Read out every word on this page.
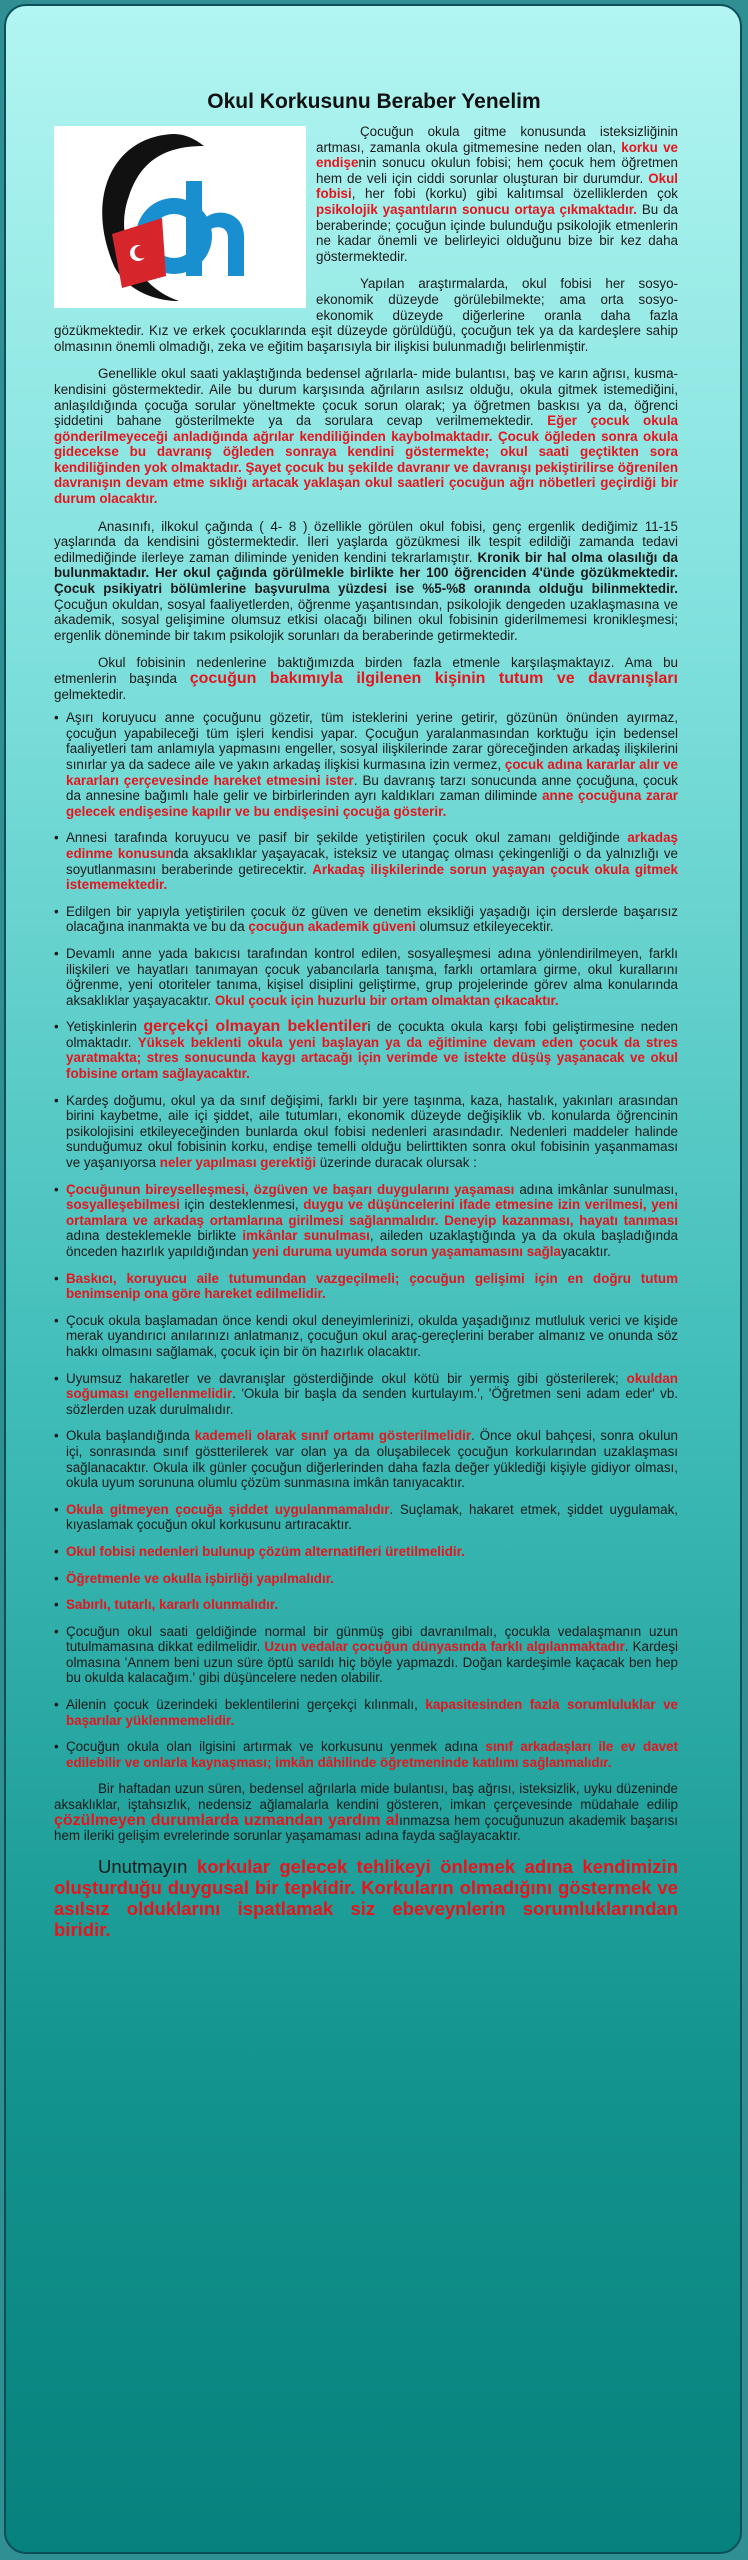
Okul Korkusunu Beraber Yenelim

Çocuğun okula gitme konusunda isteksizliğinin artması, zamanla okula gitmemesine neden olan, korku ve endişenin sonucu okulun fobisi; hem çocuk hem öğretmen hem de veli için ciddi sorunlar oluşturan bir durumdur. Okul fobisi, her fobi (korku) gibi kalıtımsal özelliklerden çok psikolojik yaşantıların sonucu ortaya çıkmaktadır. Bu da beraberinde; çocuğun içinde bulunduğu psikolojik etmenlerin ne kadar önemli ve belirleyici olduğunu bize bir kez daha göstermektedir.

Yapılan araştırmalarda, okul fobisi her sosyo-ekonomik düzeyde görülebilmekte; ama orta sosyo-ekonomik düzeyde diğerlerine oranla daha fazla gözükmektedir. Kız ve erkek çocuklarında eşit düzeyde görüldüğü, çocuğun tek ya da kardeşlere sahip olmasının önemli olmadığı, zeka ve eğitim başarısıyla bir ilişkisi bulunmadığı belirlenmiştir.

Genellikle okul saati yaklaştığında bedensel ağrılarla- mide bulantısı, baş ve karın ağrısı, kusma- kendisini göstermektedir. Aile bu durum karşısında ağrıların asılsız olduğu, okula gitmek istemediğini, anlaşıldığında çocuğa sorular yöneltmekte çocuk sorun olarak; ya öğretmen baskısı ya da, öğrenci şiddetini bahane gösterilmekte ya da sorulara cevap verilmemektedir. Eğer çocuk okula gönderilmeyeceği anladığında ağrılar kendiliğinden kaybolmaktadır. Çocuk öğleden sonra okula gidecekse bu davranış öğleden sonraya kendini göstermekte; okul saati geçtikten sora kendiliğinden yok olmaktadır. Şayet çocuk bu şekilde davranır ve davranışı pekiştirilirse öğrenilen davranışın devam etme sıklığı artacak yaklaşan okul saatleri çocuğun ağrı nöbetleri geçirdiği bir durum olacaktır.

Anasınıfı, ilkokul çağında ( 4- 8 ) özellikle görülen okul fobisi, genç ergenlik dediğimiz 11-15 yaşlarında da kendisini göstermektedir. İleri yaşlarda gözükmesi ilk tespit edildiği zamanda tedavi edilmediğinde ilerleye zaman diliminde yeniden kendini tekrarlamıştır. Kronik bir hal olma olasılığı da bulunmaktadır. Her okul çağında görülmekle birlikte her 100 öğrenciden 4'ünde gözükmektedir. Çocuk psikiyatri bölümlerine başvurulma yüzdesi ise %5-%8 oranında olduğu bilinmektedir. Çocuğun okuldan, sosyal faaliyetlerden, öğrenme yaşantısından, psikolojik dengeden uzaklaşmasına ve akademik, sosyal gelişimine olumsuz etkisi olacağı bilinen okul fobisinin giderilmemesi kronikleşmesi; ergenlik döneminde bir takım psikolojik sorunları da beraberinde getirmektedir.

Okul fobisinin nedenlerine baktığımızda birden fazla etmenle karşılaşmaktayız. Ama bu etmenlerin başında çocuğun bakımıyla ilgilenen kişinin tutum ve davranışları gelmektedir.

• Aşırı koruyucu anne çocuğunu gözetir, tüm isteklerini yerine getirir, gözünün önünden ayırmaz, çocuğun yapabileceği tüm işleri kendisi yapar. Çocuğun yaralanmasından korktuğu için bedensel faaliyetleri tam anlamıyla yapmasını engeller, sosyal ilişkilerinde zarar göreceğinden arkadaş ilişkilerini sınırlar ya da sadece aile ve yakın arkadaş ilişkisi kurmasına izin vermez, çocuk adına kararlar alır ve kararları çerçevesinde hareket etmesini ister. Bu davranış tarzı sonucunda anne çocuğuna, çocuk da annesine bağımlı hale gelir ve birbirlerinden ayrı kaldıkları zaman diliminde anne çocuğuna zarar gelecek endişesine kapılır ve bu endişesini çocuğa gösterir.
• Annesi tarafında koruyucu ve pasif bir şekilde yetiştirilen çocuk okul zamanı geldiğinde arkadaş edinme konusunda aksaklıklar yaşayacak, isteksiz ve utangaç olması çekingenliği o da yalnızlığı ve soyutlanmasını beraberinde getirecektir. Arkadaş ilişkilerinde sorun yaşayan çocuk okula gitmek istememektedir.
• Edilgen bir yapıyla yetiştirilen çocuk öz güven ve denetim eksikliği yaşadığı için derslerde başarısız olacağına inanmakta ve bu da çocuğun akademik güveni olumsuz etkileyecektir.
• Devamlı anne yada bakıcısı tarafından kontrol edilen, sosyalleşmesi adına yönlendirilmeyen, farklı ilişkileri ve hayatları tanımayan çocuk yabancılarla tanışma, farklı ortamlara girme, okul kurallarını öğrenme, yeni otoriteler tanıma, kişisel disiplini geliştirme, grup projelerinde görev alma konularında aksaklıklar yaşayacaktır. Okul çocuk için huzurlu bir ortam olmaktan çıkacaktır.
• Yetişkinlerin gerçekçi olmayan beklentileri de çocukta okula karşı fobi geliştirmesine neden olmaktadır. Yüksek beklenti okula yeni başlayan ya da eğitimine devam eden çocuk da stres yaratmakta; stres sonucunda kaygı artacağı için verimde ve istekte düşüş yaşanacak ve okul fobisine ortam sağlayacaktır.
• Kardeş doğumu, okul ya da sınıf değişimi, farklı bir yere taşınma, kaza, hastalık, yakınları arasından birini kaybetme, aile içi şiddet, aile tutumları, ekonomik düzeyde değişiklik vb. konularda öğrencinin psikolojisini etkileyeceğinden bunlarda okul fobisi nedenleri arasındadır. Nedenleri maddeler halinde sunduğumuz okul fobisinin korku, endişe temelli olduğu belirttikten sonra okul fobisinin yaşanmaması ve yaşanıyorsa neler yapılması gerektiği üzerinde duracak olursak :
• Çocuğunun bireyselleşmesi, özgüven ve başarı duygularını yaşaması adına imkânlar sunulması, sosyalleşebilmesi için desteklenmesi, duygu ve düşüncelerini ifade etmesine izin verilmesi, yeni ortamlara ve arkadaş ortamlarına girilmesi sağlanmalıdır. Deneyip kazanması, hayatı tanıması adına desteklemekle birlikte imkânlar sunulması, aileden uzaklaştığında ya da okula başladığında önceden hazırlık yapıldığından yeni duruma uyumda sorun yaşamamasını sağlayacaktır.
• Baskıcı, koruyucu aile tutumundan vazgeçilmeli; çocuğun gelişimi için en doğru tutum benimsenip ona göre hareket edilmelidir.
• Çocuk okula başlamadan önce kendi okul deneyimlerinizi, okulda yaşadığınız mutluluk verici ve kişide merak uyandırıcı anılarınızı anlatmanız, çocuğun okul araç-gereçlerini beraber almanız ve onunda söz hakkı olmasını sağlamak, çocuk için bir ön hazırlık olacaktır.
• Uyumsuz hakaretler ve davranışlar gösterdiğinde okul kötü bir yermiş gibi gösterilerek; okuldan soğuması engellenmelidir. 'Okula bir başla da senden kurtulayım.', 'Öğretmen seni adam eder' vb. sözlerden uzak durulmalıdır.
• Okula başlandığında kademeli olarak sınıf ortamı gösterilmelidir. Önce okul bahçesi, sonra okulun içi, sonrasında sınıf göstterilerek var olan ya da oluşabilecek çocuğun korkularından uzaklaşması sağlanacaktır. Okula ilk günler çocuğun diğerlerinden daha fazla değer yüklediği kişiyle gidiyor olması, okula uyum sorununa olumlu çözüm sunmasına imkân tanıyacaktır.
• Okula gitmeyen çocuğa şiddet uygulanmamalıdır. Suçlamak, hakaret etmek, şiddet uygulamak, kıyaslamak çocuğun okul korkusunu artıracaktır.
• Okul fobisi nedenleri bulunup çözüm alternatifleri üretilmelidir.
• Öğretmenle ve okulla işbirliği yapılmalıdır.
• Sabırlı, tutarlı, kararlı olunmalıdır.
• Çocuğun okul saati geldiğinde normal bir günmüş gibi davranılmalı, çocukla vedalaşmanın uzun tutulmamasına dikkat edilmelidir. Uzun vedalar çocuğun dünyasında farklı algılanmaktadır. Kardeşi olmasına 'Annem beni uzun süre öptü sarıldı hiç böyle yapmazdı. Doğan kardeşimle kaçacak ben hep bu okulda kalacağım.' gibi düşüncelere neden olabilir.
• Ailenin çocuk üzerindeki beklentilerini gerçekçi kılınmalı, kapasitesinden fazla sorumluluklar ve başarılar yüklenmemelidir.
• Çocuğun okula olan ilgisini artırmak ve korkusunu yenmek adına sınıf arkadaşları ile ev davet edilebilir ve onlarla kaynaşması; imkân dâhilinde öğretmeninde katılımı sağlanmalıdır.

Bir haftadan uzun süren, bedensel ağrılarla mide bulantısı, baş ağrısı, isteksizlik, uyku düzeninde aksaklıklar, iştahsızlık, nedensiz ağlamalarla kendini gösteren, imkan çerçevesinde müdahale edilip çözülmeyen durumlarda uzmandan yardım alınmazsa hem çocuğunuzun akademik başarısı hem ileriki gelişim evrelerinde sorunlar yaşamaması adına fayda sağlayacaktır.

Unutmayın korkular gelecek tehlikeyi önlemek adına kendimizin oluşturduğu duygusal bir tepkidir. Korkuların olmadığını göstermek ve asılsız olduklarını ispatlamak siz ebeveynlerin sorumluklarından biridir.
